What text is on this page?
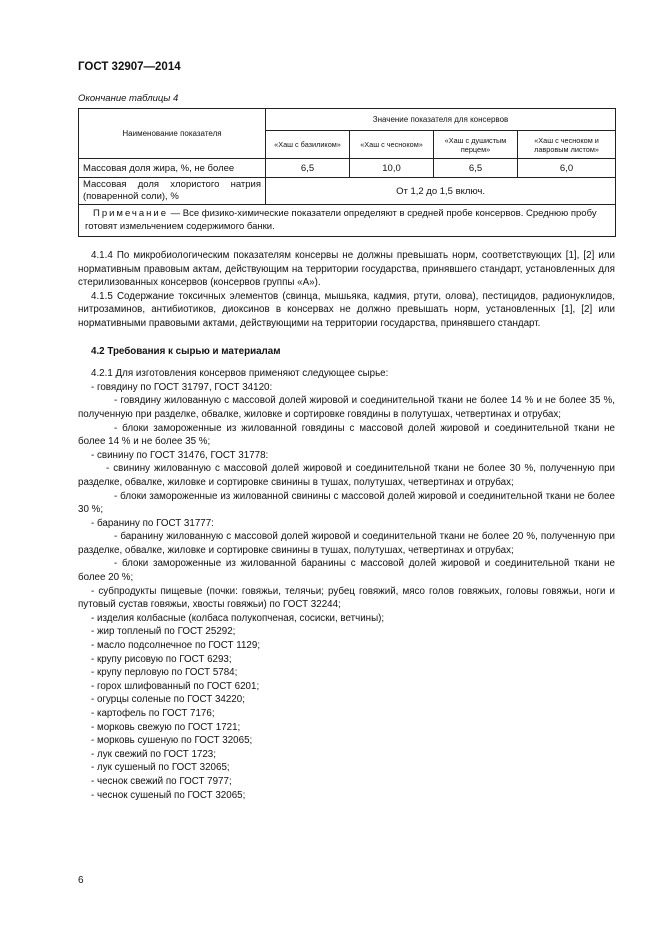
ГОСТ 32907—2014
Окончание таблицы 4
Наименование показателя	Значение показателя для консервов			
	«Хаш с базиликом»	«Хаш с чесноком»	«Хаш с душистым перцем»	«Хаш с чесноком и лавровым листом»
Массовая доля жира, %, не более	6,5	10,0	6,5	6,0
Массовая доля хлористого натрия (поваренной соли), %	От 1,2 до 1,5 включ.			
Примечание — Все физико-химические показатели определяют в средней пробе консервов. Среднюю пробу готовят измельчением содержимого банки.				

4.1.4 По микробиологическим показателям консервы не должны превышать норм, соответствующих [1], [2] или нормативным правовым актам, действующим на территории государства, принявшего стандарт, установленных для стерилизованных консервов (консервов группы «А»).

4.1.5 Содержание токсичных элементов (свинца, мышьяка, кадмия, ртути, олова), пестицидов, радионуклидов, нитрозаминов, антибиотиков, диоксинов в консервах не должно превышать норм, установленных [1], [2] или нормативными правовыми актами, действующими на территории государства, принявшего стандарт.

4.2 Требования к сырью и материалам

4.2.1 Для изготовления консервов применяют следующее сырье:

- говядину по ГОСТ 31797, ГОСТ 34120:

- говядину жилованную с массовой долей жировой и соединительной ткани не более 14 % и не более 35 %, полученную при разделке, обвалке, жиловке и сортировке говядины в полутушах, четвертинах и отрубах;

- блоки замороженные из жилованной говядины с массовой долей жировой и соединительной ткани не более 14 % и не более 35 %;

- свинину по ГОСТ 31476, ГОСТ 31778:

- свинину жилованную с массовой долей жировой и соединительной ткани не более 30 %, полученную при разделке, обвалке, жиловке и сортировке свинины в тушах, полутушах, четвертинах и отрубах;

- блоки замороженные из жилованной свинины с массовой долей жировой и соединительной ткани не более 30 %;

- баранину по ГОСТ 31777:

- баранину жилованную с массовой долей жировой и соединительной ткани не более 20 %, полученную при разделке, обвалке, жиловке и сортировке свинины в тушах, полутушах, четвертинах и отрубах;

- блоки замороженные из жилованной баранины с массовой долей жировой и соединительной ткани не более 20 %;

- субпродукты пищевые (почки: говяжьи, телячьи; рубец говяжий, мясо голов говяжьих, головы говяжьи, ноги и путовый сустав говяжьи, хвосты говяжьи) по ГОСТ 32244;

- изделия колбасные (колбаса полукопченая, сосиски, ветчины);

- жир топленый по ГОСТ 25292;

- масло подсолнечное по ГОСТ 1129;

- крупу рисовую по ГОСТ 6293;

- крупу перловую по ГОСТ 5784;

- горох шлифованный по ГОСТ 6201;

- огурцы соленые по ГОСТ 34220;

- картофель по ГОСТ 7176;

- морковь свежую по ГОСТ 1721;

- морковь сушеную по ГОСТ 32065;

- лук свежий по ГОСТ 1723;

- лук сушеный по ГОСТ 32065;

- чеснок свежий по ГОСТ 7977;

- чеснок сушеный по ГОСТ 32065;

6
